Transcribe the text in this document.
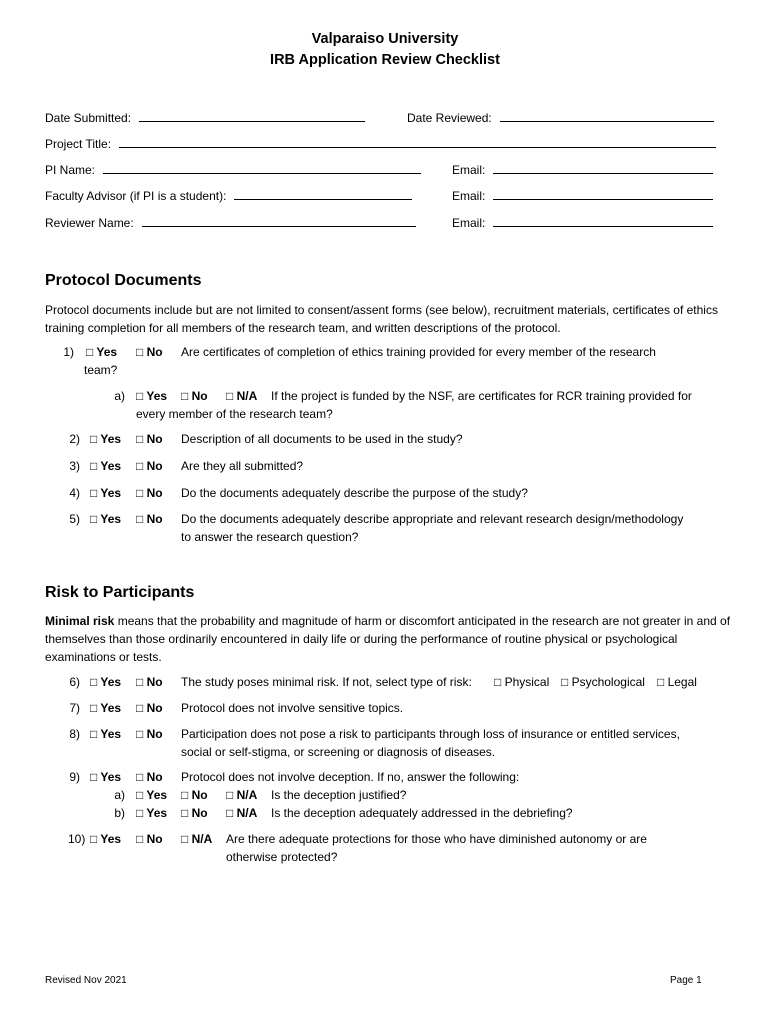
Valparaiso University
IRB Application Review Checklist
Date Submitted:	Date Reviewed:
Project Title:
PI Name:	Email:
Faculty Advisor (if PI is a student):	Email:
Reviewer Name:	Email:
Protocol Documents
Protocol documents include but are not limited to consent/assent forms (see below), recruitment materials, certificates of ethics training completion for all members of the research team, and written descriptions of the protocol.
1) □ Yes □ No Are certificates of completion of ethics training provided for every member of the research
team?
a) □ Yes □ No □ N/A If the project is funded by the NSF, are certificates for RCR training provided for
every member of the research team?
2) □ Yes □ No Description of all documents to be used in the study?
3) □ Yes □ No Are they all submitted?
4) □ Yes □ No Do the documents adequately describe the purpose of the study?
5) □ Yes □ No Do the documents adequately describe appropriate and relevant research design/methodology
to answer the research question?
Risk to Participants
Minimal risk means that the probability and magnitude of harm or discomfort anticipated in the research are not greater in and of themselves than those ordinarily encountered in daily life or during the performance of routine physical or psychological examinations or tests.
6) □ Yes □ No The study poses minimal risk. If not, select type of risk: □ Physical □ Psychological □ Legal
7) □ Yes □ No Protocol does not involve sensitive topics.
8) □ Yes □ No Participation does not pose a risk to participants through loss of insurance or entitled services,
social or self-stigma, or screening or diagnosis of diseases.
9) □ Yes □ No Protocol does not involve deception. If no, answer the following:
a) □ Yes □ No □ N/A Is the deception justified?
b) □ Yes □ No □ N/A Is the deception adequately addressed in the debriefing?
10) □ Yes □ No □ N/A Are there adequate protections for those who have diminished autonomy or are
otherwise protected?
Revised Nov 2021	Page 1
